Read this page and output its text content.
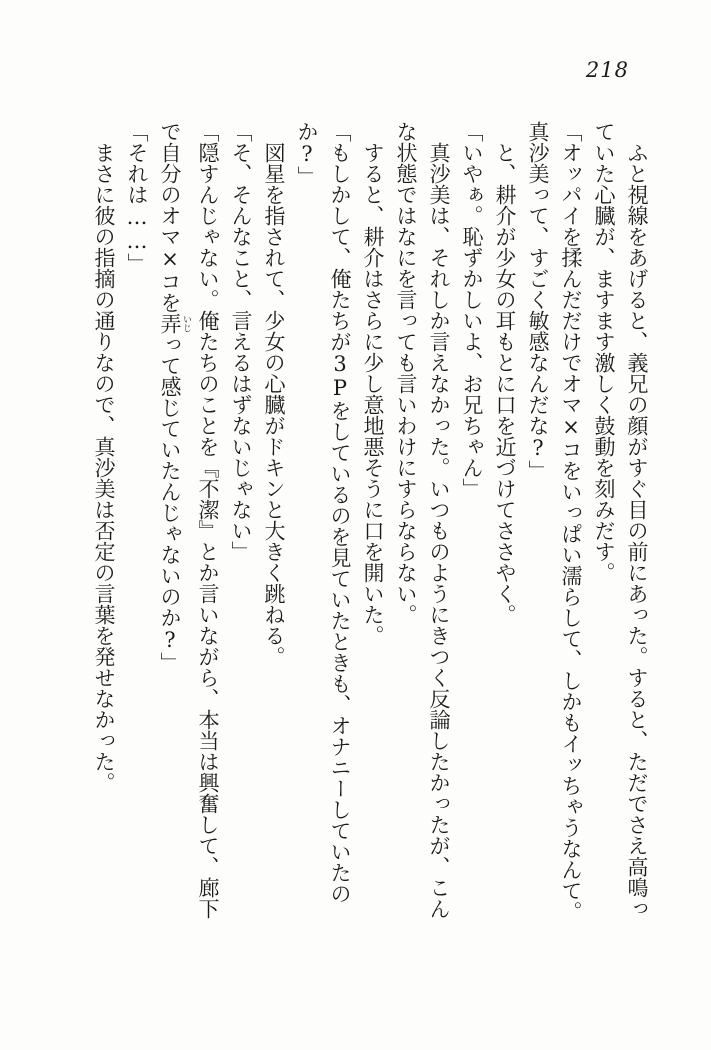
218

　ふと視線をあげると、義兄の顔がすぐ目の前にあった。すると、ただでさえ高鳴っ

ていた心臓が、ますます激しく鼓動を刻みだす。

「オッパイを揉んだだけでオマ×コをいっぱい濡らして、しかもイッちゃうなんて。

真沙美って、すごく敏感なんだな?」

　と、耕介が少女の耳もとに口を近づけてささやく。

「いやぁ。恥ずかしいよ、お兄ちゃん」

　真沙美は、それしか言えなかった。いつものようにきつく反論したかったが、こん

な状態ではなにを言っても言いわけにすらならない。

　すると、耕介はさらに少し意地悪そうに口を開いた。

「もしかして、俺たちが3Pをしているのを見ていたときも、オナニーしていたの

か?」

　図星を指されて、少女の心臓がドキンと大きく跳ねる。

「そ、そんなこと、言えるはずないじゃない」

「隠すんじゃない。俺たちのことを『不潔』とか言いながら、本当は興奮して、廊下

で自分のオマ×コを弄 いじって感じていたんじゃないのか?」

「それは……」

　まさに彼の指摘の通りなので、真沙美は否定の言葉を発せなかった。
